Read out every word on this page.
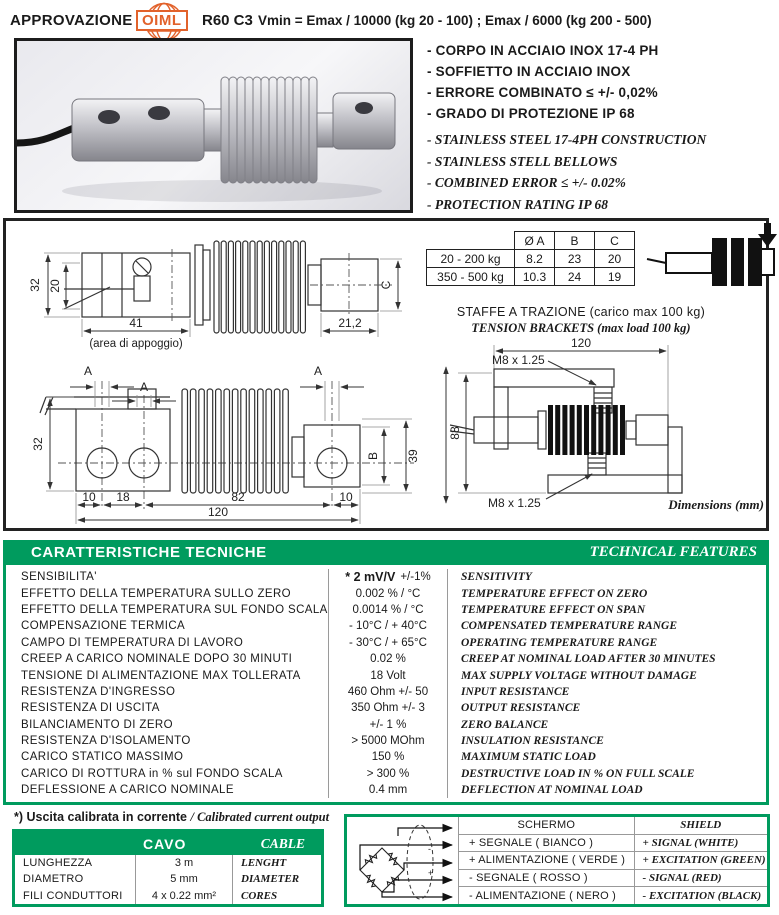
APPROVAZIONE OIML	R60 C3 Vmin = Emax / 10000 (kg 20 - 100) ; Emax / 6000 (kg 200 - 500)
- CORPO IN ACCIAIO INOX 17-4 PH
- SOFFIETTO IN ACCIAIO INOX
- ERRORE COMBINATO ≤ +/- 0,02%
- GRADO DI PROTEZIONE IP 68
- STAINLESS STEEL 17-4PH CONSTRUCTION
- STAINLESS STELL BELLOWS
- COMBINED ERROR ≤ +/- 0.02%
- PROTECTION RATING IP 68
32 20
41
(area di appoggio)
21,2
C
	Ø A	B	C
20 - 200 kg	8.2	23	20
350 - 500 kg	10.3	24	19
STAFFE A TRAZIONE (carico max 100 kg)
TENSION BRACKETS (max load 100 kg)
A
A
A
32
B 39
10 18	82	10
120
120
M8 x 1.25
M8 x 1.25
88
Dimensions (mm)
CARATTERISTICHE TECNICHE	TECHNICAL FEATURES
SENSIBILITA'	* 2 mV/V +/-1%	SENSITIVITY
EFFETTO DELLA TEMPERATURA SULLO ZERO	0.002 % / °C	TEMPERATURE EFFECT ON ZERO
EFFETTO DELLA TEMPERATURA SUL FONDO SCALA	0.0014 % / °C	TEMPERATURE EFFECT ON SPAN
COMPENSAZIONE TERMICA	- 10°C / + 40°C	COMPENSATED TEMPERATURE RANGE
CAMPO DI TEMPERATURA DI LAVORO	- 30°C / + 65°C	OPERATING TEMPERATURE RANGE
CREEP A CARICO NOMINALE DOPO 30 MINUTI	0.02 %	CREEP AT NOMINAL LOAD AFTER 30 MINUTES
TENSIONE DI ALIMENTAZIONE MAX TOLLERATA	18 Volt	MAX SUPPLY VOLTAGE WITHOUT DAMAGE
RESISTENZA D'INGRESSO	460 Ohm +/- 50	INPUT RESISTANCE
RESISTENZA DI USCITA	350 Ohm +/- 3	OUTPUT RESISTANCE
BILANCIAMENTO DI ZERO	+/- 1 %	ZERO BALANCE
RESISTENZA D'ISOLAMENTO	> 5000 MOhm	INSULATION RESISTANCE
CARICO STATICO MASSIMO	150 %	MAXIMUM STATIC LOAD
CARICO DI ROTTURA in % sul FONDO SCALA	> 300 %	DESTRUCTIVE LOAD IN % ON FULL SCALE
DEFLESSIONE A CARICO NOMINALE	0.4 mm	DEFLECTION AT NOMINAL LOAD
*) Uscita calibrata in corrente / Calibrated current output
CAVO	CABLE
LUNGHEZZA	3 m	LENGHT
DIAMETRO	5 mm	DIAMETER
FILI CONDUTTORI	4 x 0.22 mm²	CORES
+
-
SCHERMO	SHIELD
+ SEGNALE ( BIANCO )	+ SIGNAL (WHITE)
+ ALIMENTAZIONE ( VERDE )	+ EXCITATION (GREEN)
- SEGNALE ( ROSSO )	- SIGNAL (RED)
- ALIMENTAZIONE ( NERO )	- EXCITATION (BLACK)
